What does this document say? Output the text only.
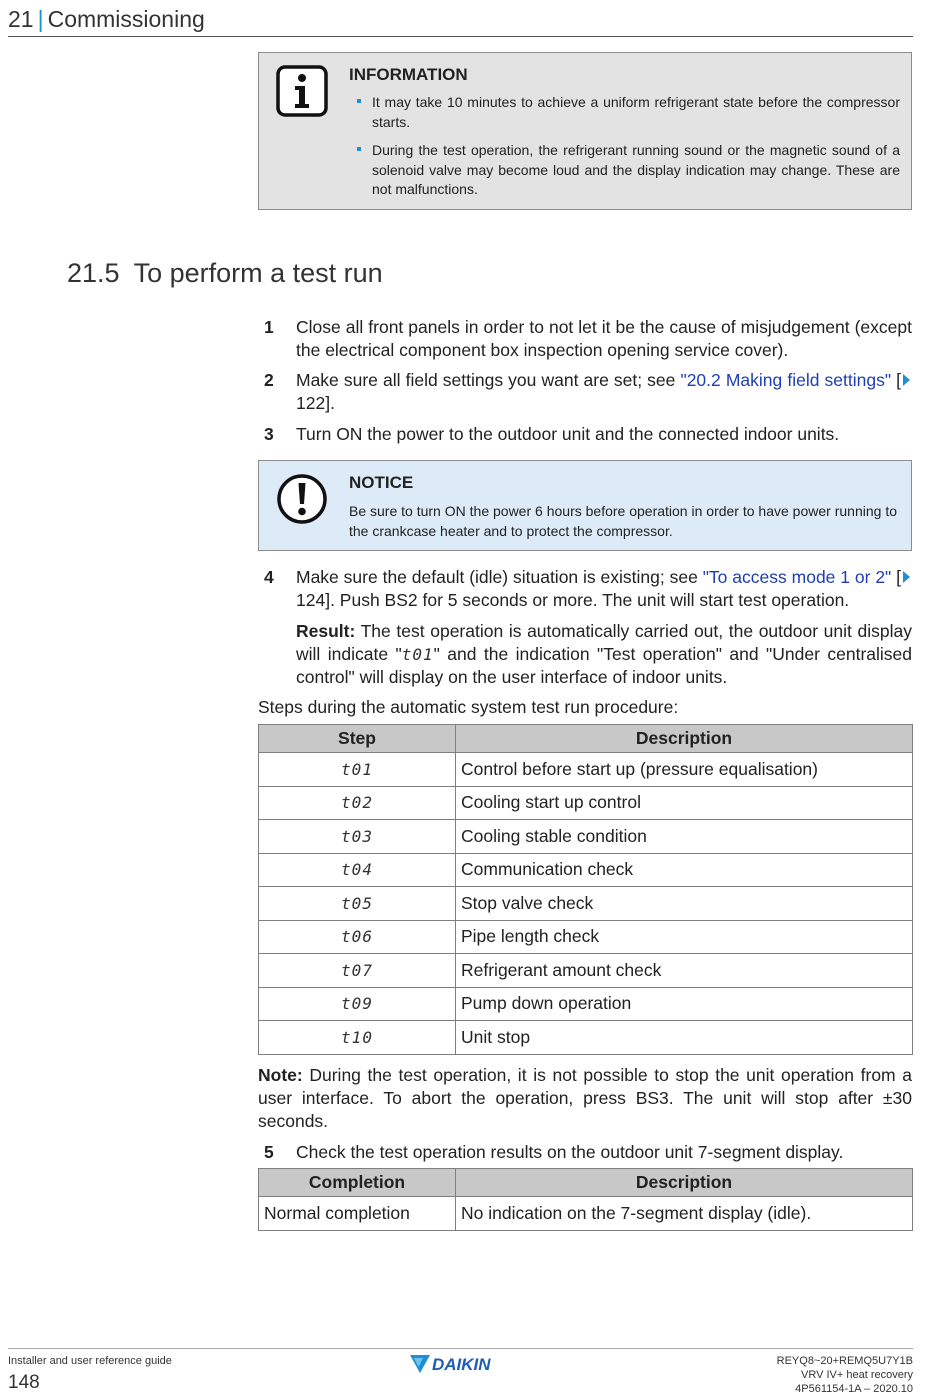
21 | Commissioning
INFORMATION
It may take 10 minutes to achieve a uniform refrigerant state before the compressor starts.
During the test operation, the refrigerant running sound or the magnetic sound of a solenoid valve may become loud and the display indication may change. These are not malfunctions.
21.5 To perform a test run
1	Close all front panels in order to not let it be the cause of misjudgement (except the electrical component box inspection opening service cover).
2	Make sure all field settings you want are set; see "20.2 Making field settings" [122].
3	Turn ON the power to the outdoor unit and the connected indoor units.
NOTICE
Be sure to turn ON the power 6 hours before operation in order to have power running to the crankcase heater and to protect the compressor.
4	Make sure the default (idle) situation is existing; see "To access mode 1 or 2" [124]. Push BS2 for 5 seconds or more. The unit will start test operation.
Result: The test operation is automatically carried out, the outdoor unit display will indicate "t01" and the indication "Test operation" and "Under centralised control" will display on the user interface of indoor units.
Steps during the automatic system test run procedure:
Step	Description
t01	Control before start up (pressure equalisation)
t02	Cooling start up control
t03	Cooling stable condition
t04	Communication check
t05	Stop valve check
t06	Pipe length check
t07	Refrigerant amount check
t09	Pump down operation
t10	Unit stop
Note: During the test operation, it is not possible to stop the unit operation from a user interface. To abort the operation, press BS3. The unit will stop after ±30 seconds.
5	Check the test operation results on the outdoor unit 7-segment display.
Completion	Description
Normal completion	No indication on the 7-segment display (idle).
Installer and user reference guide
148
DAIKIN	REYQ8~20+REMQ5U7Y1B
VRV IV+ heat recovery
4P561154-1A – 2020.10
